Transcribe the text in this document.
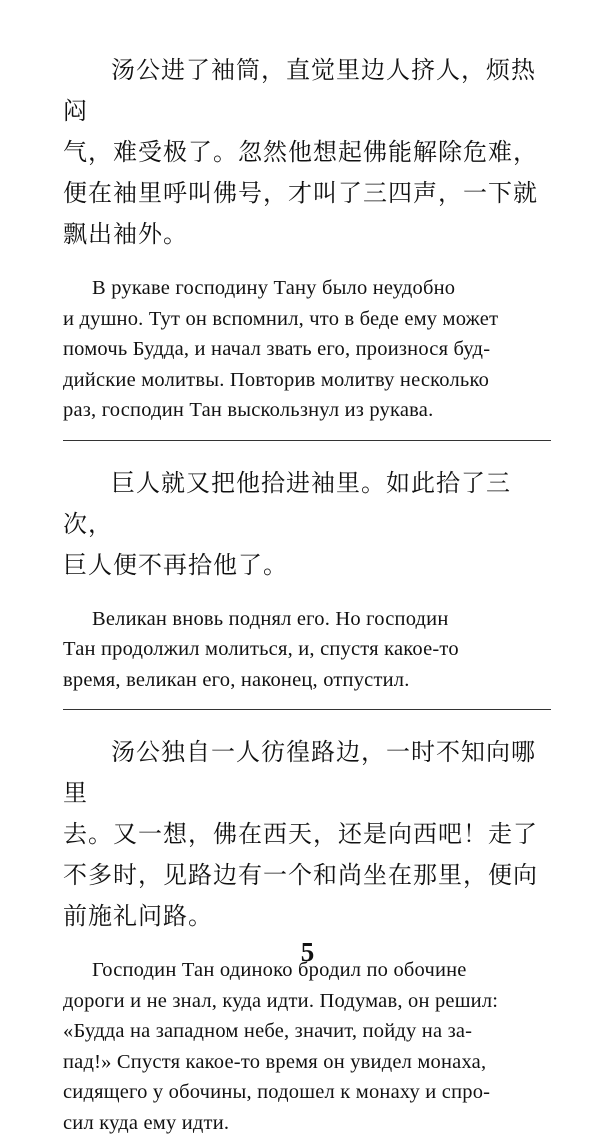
汤公进了袖筒，直觉里边人挤人，烦热闷
气，难受极了。忽然他想起佛能解除危难，
便在袖里呼叫佛号，才叫了三四声，一下就
飘出袖外。

В рукаве господину Тану было неудобно
и душно. Тут он вспомнил, что в беде ему может
помочь Будда, и начал звать его, произнося буд-
дийские молитвы. Повторив молитву несколько
раз, господин Тан выскользнул из рукава.

巨人就又把他拾进袖里。如此拾了三次，
巨人便不再拾他了。

Великан вновь поднял его. Но господин
Тан продолжил молиться, и, спустя какое-то
время, великан его, наконец, отпустил.

汤公独自一人彷徨路边，一时不知向哪里
去。又一想，佛在西天，还是向西吧！走了
不多时，见路边有一个和尚坐在那里，便向
前施礼问路。

Господин Тан одиноко бродил по обочине
дороги и не знал, куда идти. Подумав, он решил:
«Будда на западном небе, значит, пойду на за-
пад!» Спустя какое-то время он увидел монаха,
сидящего у обочины, подошел к монаху и спро-
сил куда ему идти.

5
